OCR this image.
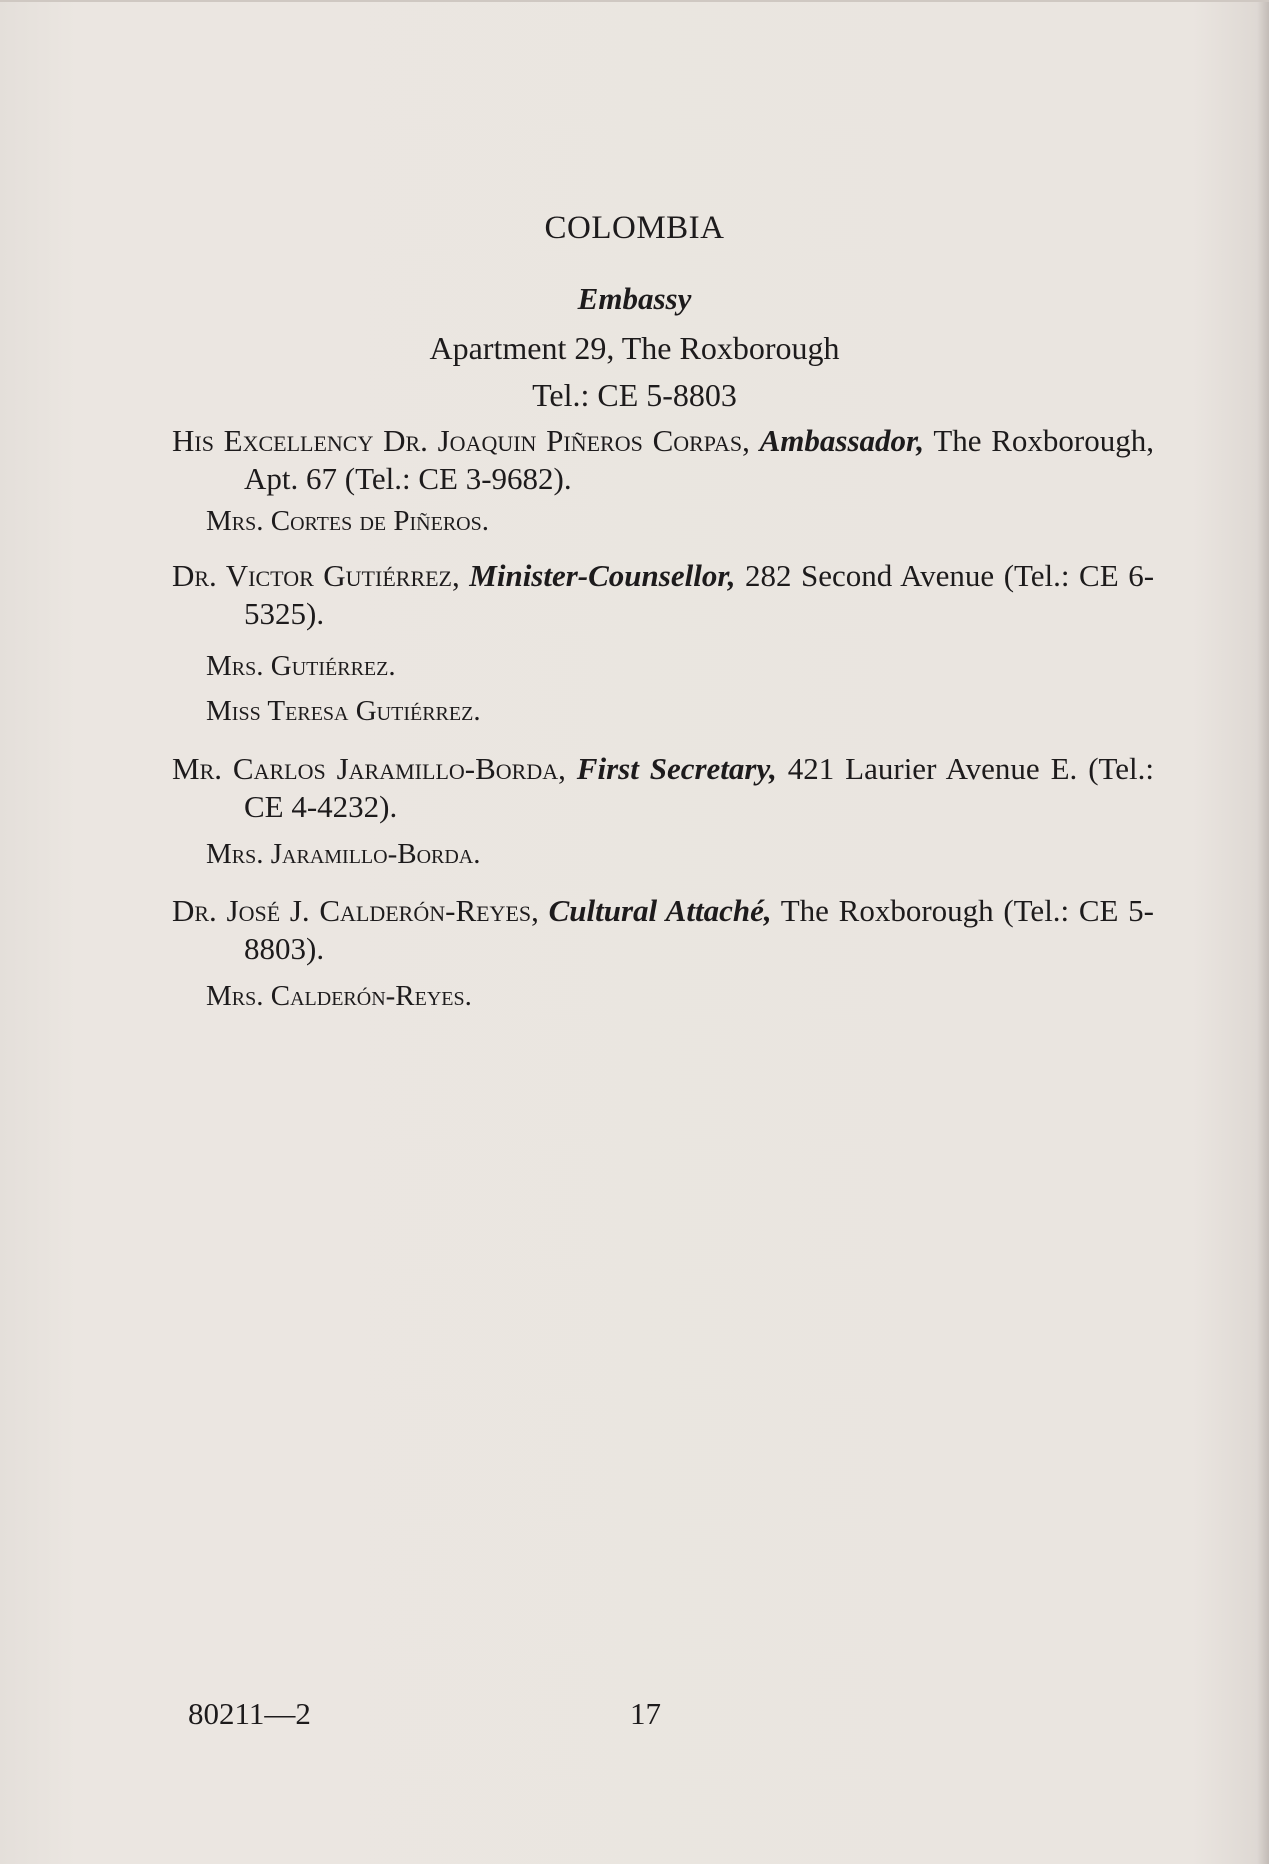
COLOMBIA
Embassy
Apartment 29, The Roxborough
Tel.: CE 5-8803
His Excellency Dr. Joaquin Piñeros Corpas, Ambassador, The Roxborough, Apt. 67 (Tel.: CE 3-9682).
Mrs. Cortes de Piñeros.
Dr. Victor Gutiérrez, Minister-Counsellor, 282 Second Avenue (Tel.: CE 6-5325).
Mrs. Gutiérrez.
Miss Teresa Gutiérrez.
Mr. Carlos Jaramillo-Borda, First Secretary, 421 Laurier Avenue E. (Tel.: CE 4-4232).
Mrs. Jaramillo-Borda.
Dr. José J. Calderón-Reyes, Cultural Attaché, The Roxborough (Tel.: CE 5-8803).
Mrs. Calderón-Reyes.
80211—2	17
